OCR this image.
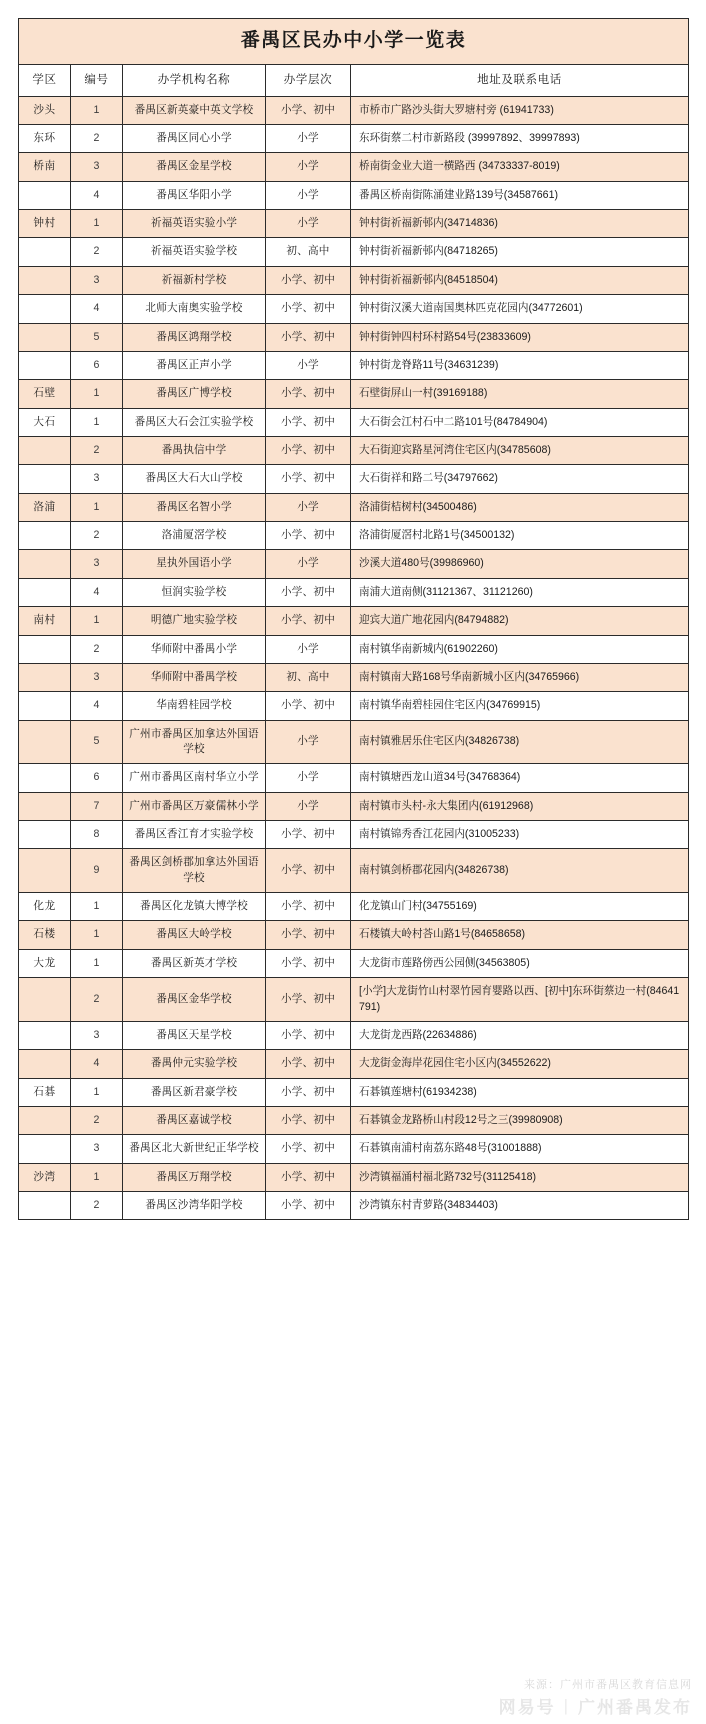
番禺区民办中小学一览表				
学区	编号	办学机构名称	办学层次	地址及联系电话
沙头	1	番禺区新英豪中英文学校	小学、初中	市桥市广路沙头街大罗塘村旁 (61941733)
东环	2	番禺区同心小学	小学	东环街蔡二村市新路段 (39997892、39997893)
桥南	3	番禺区金星学校	小学	桥南街金业大道一横路西 (34733337-8019)
	4	番禺区华阳小学	小学	番禺区桥南街陈涌建业路139号(34587661)
钟村	1	祈福英语实验小学	小学	钟村街祈福新邨内(34714836)
	2	祈福英语实验学校	初、高中	钟村街祈福新邨内(84718265)
	3	祈福新村学校	小学、初中	钟村街祈福新邨内(84518504)
	4	北师大南奥实验学校	小学、初中	钟村街汉溪大道南国奥林匹克花园内(34772601)
	5	番禺区鸿翔学校	小学、初中	钟村街钟四村环村路54号(23833609)
	6	番禺区正声小学	小学	钟村街龙脊路11号(34631239)
石壁	1	番禺区广博学校	小学、初中	石壁街屏山一村(39169188)
大石	1	番禺区大石会江实验学校	小学、初中	大石街会江村石中二路101号(84784904)
	2	番禺执信中学	小学、初中	大石街迎宾路星河湾住宅区内(34785608)
	3	番禺区大石大山学校	小学、初中	大石街祥和路二号(34797662)
洛浦	1	番禺区名智小学	小学	洛浦街桔树村(34500486)
	2	洛浦厦滘学校	小学、初中	洛浦街厦滘村北路1号(34500132)
	3	星执外国语小学	小学	沙溪大道480号(39986960)
	4	恒润实验学校	小学、初中	南浦大道南侧(31121367、31121260)
南村	1	明德广地实验学校	小学、初中	迎宾大道广地花园内(84794882)
	2	华师附中番禺小学	小学	南村镇华南新城内(61902260)
	3	华师附中番禺学校	初、高中	南村镇南大路168号华南新城小区内(34765966)
	4	华南碧桂园学校	小学、初中	南村镇华南碧桂园住宅区内(34769915)
	5	广州市番禺区加拿达外国语学校	小学	南村镇雅居乐住宅区内(34826738)
	6	广州市番禺区南村华立小学	小学	南村镇塘西龙山道34号(34768364)
	7	广州市番禺区万豪儒林小学	小学	南村镇市头村-永大集团内(61912968)
	8	番禺区香江育才实验学校	小学、初中	南村镇锦秀香江花园内(31005233)
	9	番禺区剑桥郡加拿达外国语学校	小学、初中	南村镇剑桥郡花园内(34826738)
化龙	1	番禺区化龙镇大博学校	小学、初中	化龙镇山门村(34755169)
石楼	1	番禺区大岭学校	小学、初中	石楼镇大岭村荅山路1号(84658658)
大龙	1	番禺区新英才学校	小学、初中	大龙街市莲路傍西公园侧(34563805)
	2	番禺区金华学校	小学、初中	[小学]大龙街竹山村翠竹园育婴路以西、[初中]东环街蔡边一村(84641791)
	3	番禺区天星学校	小学、初中	大龙街龙西路(22634886)
	4	番禺仲元实验学校	小学、初中	大龙街金海岸花园住宅小区内(34552622)
石碁	1	番禺区新君豪学校	小学、初中	石碁镇莲塘村(61934238)
	2	番禺区嘉诚学校	小学、初中	石碁镇金龙路桥山村段12号之三(39980908)
	3	番禺区北大新世纪正华学校	小学、初中	石碁镇南浦村南荔东路48号(31001888)
沙湾	1	番禺区万翔学校	小学、初中	沙湾镇福涌村福北路732号(31125418)
	2	番禺区沙湾华阳学校	小学、初中	沙湾镇东村青萝路(34834403)
来源：广州市番禺区教育信息网
网易号 | 广州番禺发布
